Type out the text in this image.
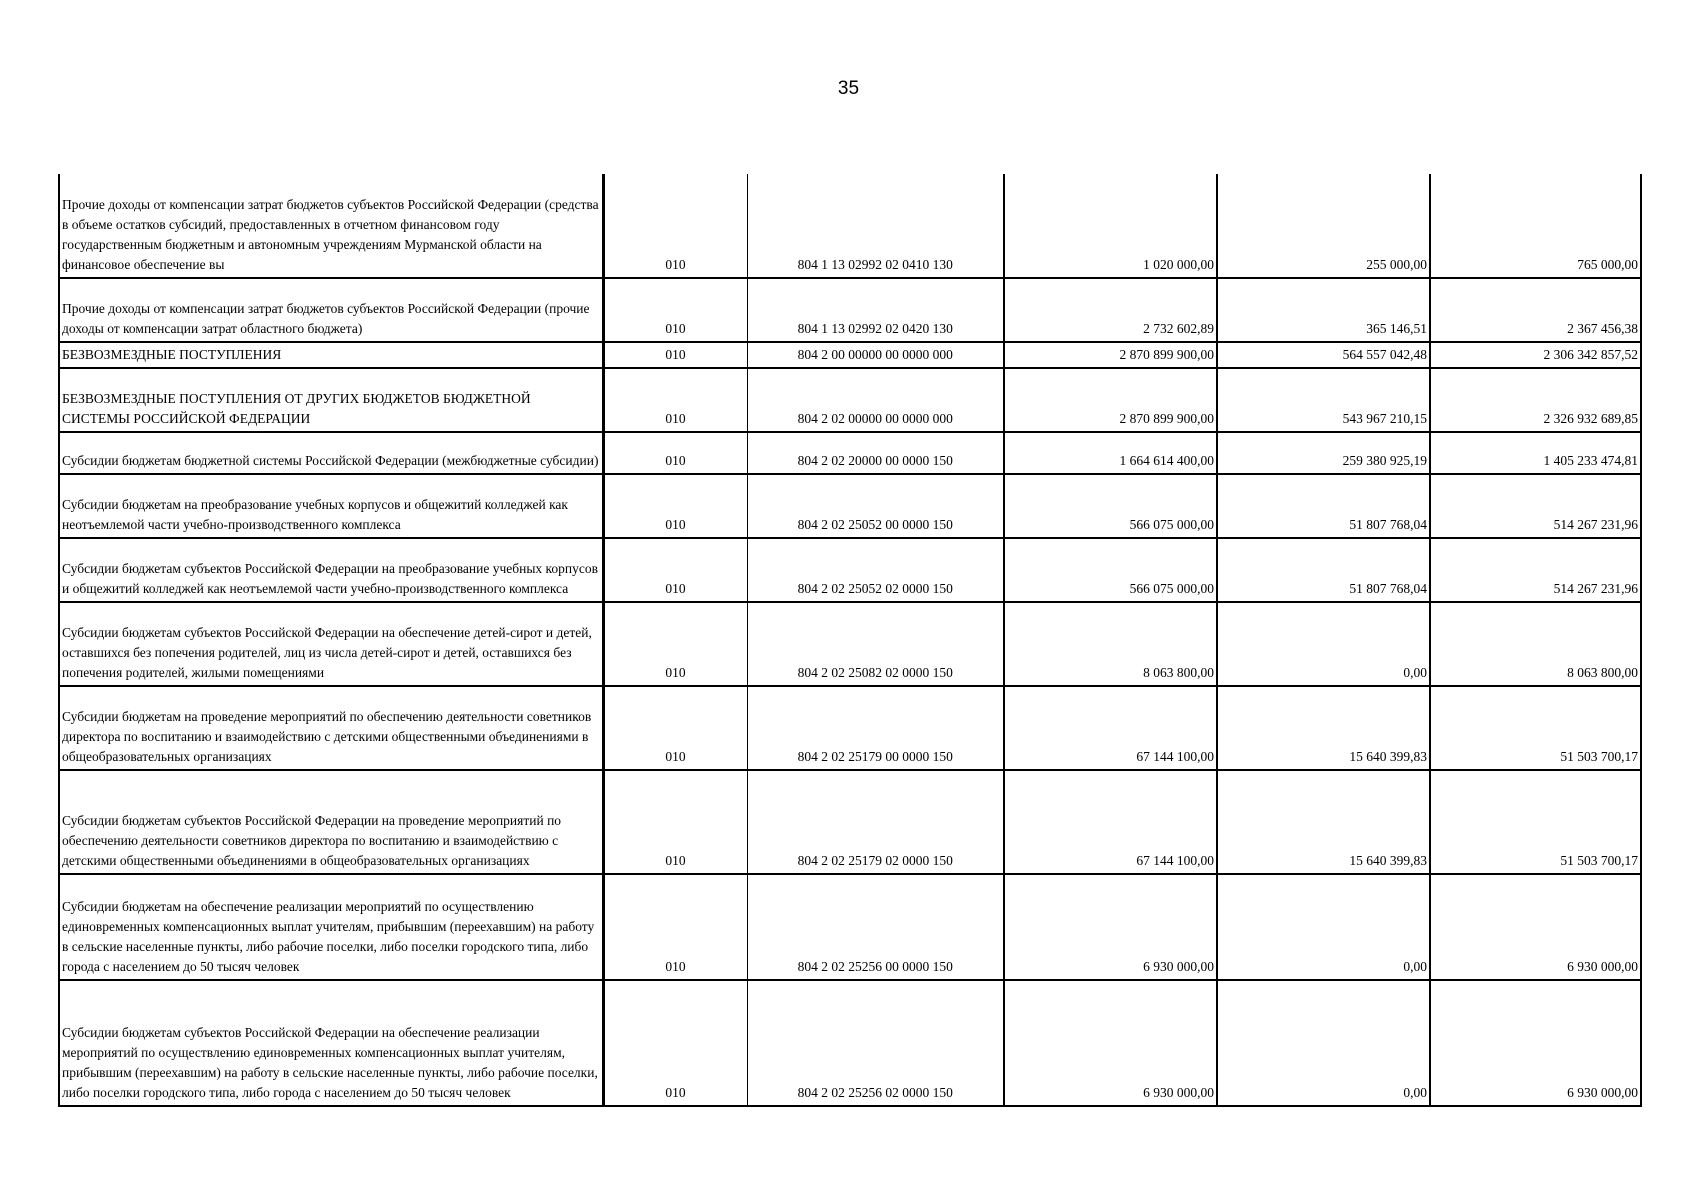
35
Прочие доходы от компенсации затрат бюджетов субъектов Российской Федерации (средства в объеме остатков субсидий, предоставленных в отчетном финансовом году государственным бюджетным и автономным учреждениям Мурманской области на финансовое обеспечение вы	010	804 1 13 02992 02 0410 130	1 020 000,00	255 000,00	765 000,00
Прочие доходы от компенсации затрат бюджетов субъектов Российской Федерации (прочие доходы от компенсации затрат областного бюджета)	010	804 1 13 02992 02 0420 130	2 732 602,89	365 146,51	2 367 456,38
БЕЗВОЗМЕЗДНЫЕ ПОСТУПЛЕНИЯ	010	804 2 00 00000 00 0000 000	2 870 899 900,00	564 557 042,48	2 306 342 857,52
БЕЗВОЗМЕЗДНЫЕ ПОСТУПЛЕНИЯ ОТ ДРУГИХ БЮДЖЕТОВ БЮДЖЕТНОЙ СИСТЕМЫ РОССИЙСКОЙ ФЕДЕРАЦИИ	010	804 2 02 00000 00 0000 000	2 870 899 900,00	543 967 210,15	2 326 932 689,85
Субсидии бюджетам бюджетной системы Российской Федерации (межбюджетные субсидии)	010	804 2 02 20000 00 0000 150	1 664 614 400,00	259 380 925,19	1 405 233 474,81
Субсидии бюджетам на преобразование учебных корпусов и общежитий колледжей как неотъемлемой части учебно-производственного комплекса	010	804 2 02 25052 00 0000 150	566 075 000,00	51 807 768,04	514 267 231,96
Субсидии бюджетам субъектов Российской Федерации на преобразование учебных корпусов и общежитий колледжей как неотъемлемой части учебно-производственного комплекса	010	804 2 02 25052 02 0000 150	566 075 000,00	51 807 768,04	514 267 231,96
Субсидии бюджетам субъектов Российской Федерации на обеспечение детей-сирот и детей, оставшихся без попечения родителей, лиц из числа детей-сирот и детей, оставшихся без попечения родителей, жилыми помещениями	010	804 2 02 25082 02 0000 150	8 063 800,00	0,00	8 063 800,00
Субсидии бюджетам на проведение мероприятий по обеспечению деятельности советников директора по воспитанию и взаимодействию с детскими общественными объединениями в общеобразовательных организациях	010	804 2 02 25179 00 0000 150	67 144 100,00	15 640 399,83	51 503 700,17
Субсидии бюджетам субъектов Российской Федерации на проведение мероприятий по обеспечению деятельности советников директора по воспитанию и взаимодействию с детскими общественными объединениями в общеобразовательных организациях	010	804 2 02 25179 02 0000 150	67 144 100,00	15 640 399,83	51 503 700,17
Субсидии бюджетам на обеспечение реализации мероприятий по осуществлению единовременных компенсационных выплат учителям, прибывшим (переехавшим) на работу в сельские населенные пункты, либо рабочие поселки, либо поселки городского типа, либо города с населением до 50 тысяч человек	010	804 2 02 25256 00 0000 150	6 930 000,00	0,00	6 930 000,00
Субсидии бюджетам субъектов Российской Федерации на обеспечение реализации мероприятий по осуществлению единовременных компенсационных выплат учителям, прибывшим (переехавшим) на работу в сельские населенные пункты, либо рабочие поселки, либо поселки городского типа, либо города с населением до 50 тысяч человек	010	804 2 02 25256 02 0000 150	6 930 000,00	0,00	6 930 000,00
